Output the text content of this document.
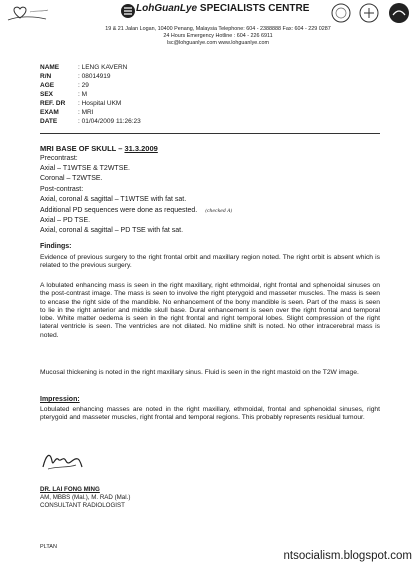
LohGuanLye SPECIALISTS CENTRE
19 & 21 Jalan Logan, 10400 Penang, Malaysia Telephone: 604 - 2388888 Fax: 604 - 229 0287
24 Hours Emergency Hotline : 604 - 226 6911
lsc@lohguanlye.com www.lohguanlye.com
NAME	: LENG KAVERN
R/N	: 08014919
AGE	: 29
SEX	: M
REF. DR : Hospital UKM
EXAM	: MRI
DATE	: 01/04/2009 11:26:23
MRI BASE OF SKULL – 31.3.2009
Precontrast:
Axial – T1WTSE & T2WTSE.
Coronal – T2WTSE.
Post-contrast:
Axial, coronal & sagittal – T1WTSE with fat sat.
Additional PD sequences were done as requested. (checked A)
Axial – PD TSE.
Axial, coronal & sagittal – PD TSE with fat sat.
Findings:

Evidence of previous surgery to the right frontal orbit and maxillary region noted. The right orbit is absent which is related to the previous surgery.

A lobulated enhancing mass is seen in the right maxillary, right ethmoidal, right frontal and sphenoidal sinuses on the post-contrast image. The mass is seen to involve the right pterygoid and masseter muscles. The mass is seen to encase the right side of the mandible. No enhancement of the bony mandible is seen. Part of the mass is seen to lie in the right anterior and middle skull base. Dural enhancement is seen over the right frontal and temporal lobe. White matter oedema is seen in the right frontal and right temporal lobes. Slight compression of the right lateral ventricle is seen. The ventricles are not dilated. No midline shift is noted. No other intracerebral mass is noted.

Mucosal thickening is noted in the right maxillary sinus. Fluid is seen in the right mastoid on the T2W image.

Impression:

Lobulated enhancing masses are noted in the right maxillary, ethmoidal, frontal and sphenoidal sinuses, right pterygoid and masseter muscles, right frontal and temporal regions. This probably represents residual tumour.

DR. LAI FONG MING
AM, MBBS (Mal.), M. RAD (Mal.)
CONSULTANT RADIOLOGIST
PLTAN
ntsocialism.blogspot.com
